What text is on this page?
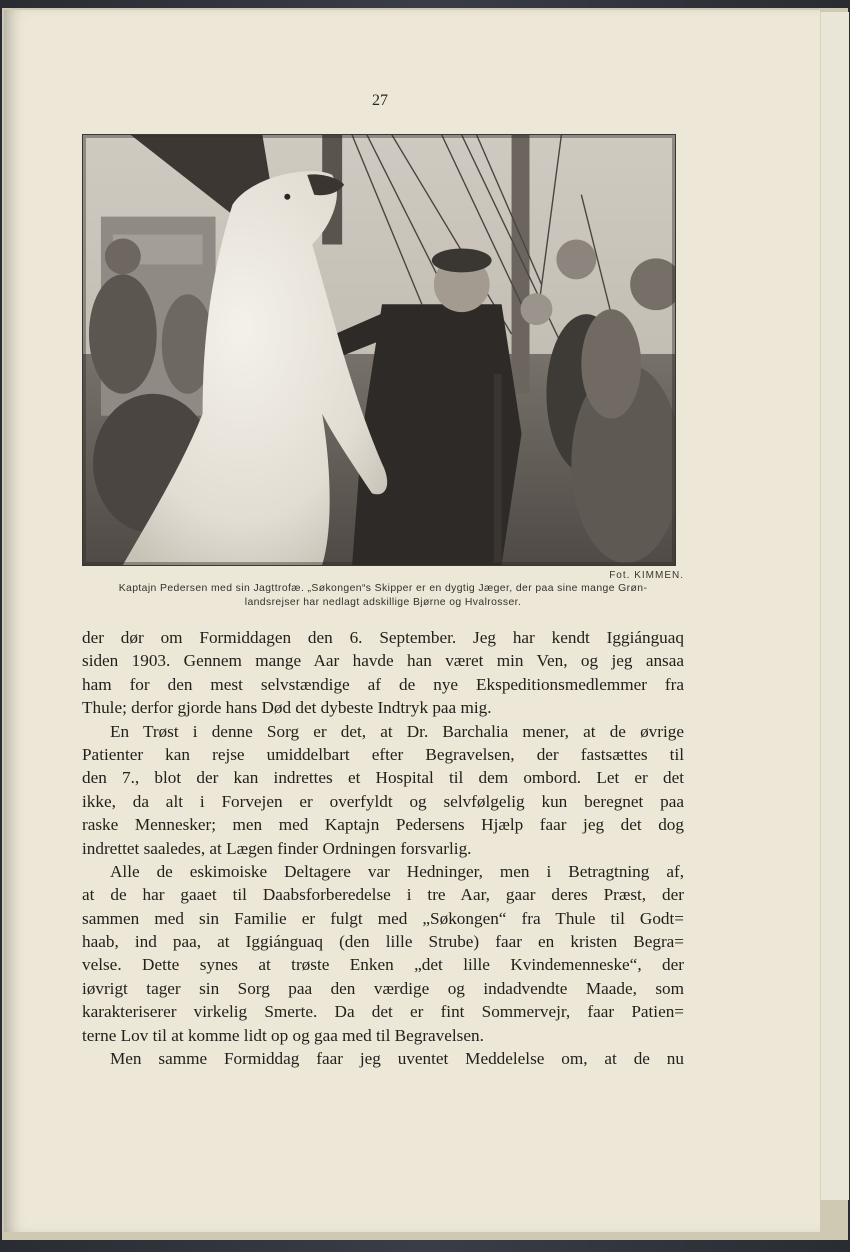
27
Fot. KIMMEN.
Kaptajn Pedersen med sin Jagttrofæ. „Søkongen“s Skipper er en dygtig Jæger, der paa sine mange Grøn-
landsrejser har nedlagt adskillige Bjørne og Hvalrosser.
der dør om Formiddagen den 6. September. Jeg har kendt Iggiánguaq
siden 1903. Gennem mange Aar havde han været min Ven, og jeg ansaa
ham for den mest selvstændige af de nye Ekspeditionsmedlemmer fra
Thule; derfor gjorde hans Død det dybeste Indtryk paa mig.
En Trøst i denne Sorg er det, at Dr. Barchalia mener, at de øvrige
Patienter kan rejse umiddelbart efter Begravelsen, der fastsættes til
den 7., blot der kan indrettes et Hospital til dem ombord. Let er det
ikke, da alt i Forvejen er overfyldt og selvfølgelig kun beregnet paa
raske Mennesker; men med Kaptajn Pedersens Hjælp faar jeg det dog
indrettet saaledes, at Lægen finder Ordningen forsvarlig.
Alle de eskimoiske Deltagere var Hedninger, men i Betragtning af,
at de har gaaet til Daabsforberedelse i tre Aar, gaar deres Præst, der
sammen med sin Familie er fulgt med „Søkongen“ fra Thule til Godt=
haab, ind paa, at Iggiánguaq (den lille Strube) faar en kristen Begra=
velse. Dette synes at trøste Enken „det lille Kvindemenneske“, der
iøvrigt tager sin Sorg paa den værdige og indadvendte Maade, som
karakteriserer virkelig Smerte. Da det er fint Sommervejr, faar Patien=
terne Lov til at komme lidt op og gaa med til Begravelsen.
Men samme Formiddag faar jeg uventet Meddelelse om, at de nu
